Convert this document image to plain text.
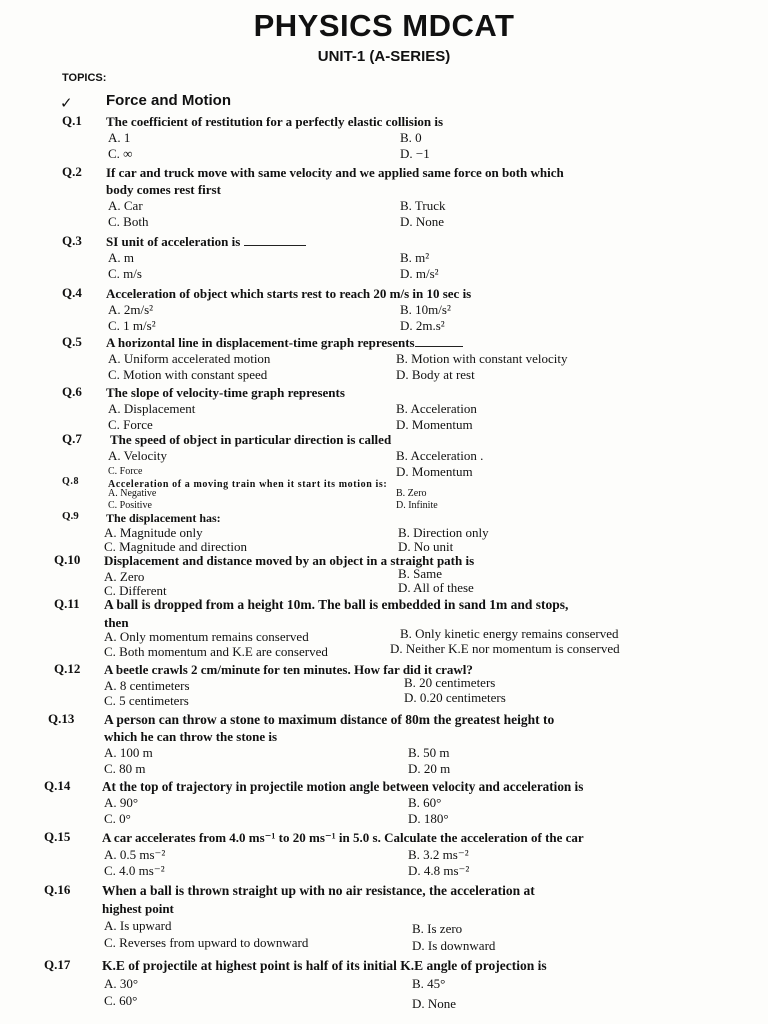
PHYSICS MDCAT
UNIT-1 (A-SERIES)
TOPICS:
✓ Force and Motion
Q.1 The coefficient of restitution for a perfectly elastic collision is
A. 1	B. 0
C. ∞	D. −1
Q.2 If car and truck move with same velocity and we applied same force on both which
body comes rest first
A. Car	B. Truck
C. Both	D. None
Q.3 SI unit of acceleration is
A. m	B. m²
C. m/s	D. m/s²
Q.4 Acceleration of object which starts rest to reach 20 m/s in 10 sec is
A. 2m/s²	B. 10m/s²
C. 1 m/s²	D. 2m.s²
Q.5 A horizontal line in displacement-time graph represents
A. Uniform accelerated motion	B. Motion with constant velocity
C. Motion with constant speed	D. Body at rest
Q.6 The slope of velocity-time graph represents
A. Displacement	B. Acceleration
C. Force	D. Momentum
Q.7 The speed of object in particular direction is called
A. Velocity	B. Acceleration .
C. Force	D. Momentum
Q.8	Acceleration of a moving train when it start its motion is:
A. Negative	B. Zero
C. Positive	D. Infinite
Q.9 The displacement has:
A. Magnitude only	B. Direction only
C. Magnitude and direction	D. No unit
Q.10 Displacement and distance moved by an object in a straight path is
A. Zero	B. Same
C. Different	D. All of these
Q.11 A ball is dropped from a height 10m. The ball is embedded in sand 1m and stops,
then
A. Only momentum remains conserved	B. Only kinetic energy remains conserved
C. Both momentum and K.E are conserved	D. Neither K.E nor momentum is conserved
Q.12 A beetle crawls 2 cm/minute for ten minutes. How far did it crawl?
A. 8 centimeters	B. 20 centimeters
C. 5 centimeters	D. 0.20 centimeters
Q.13 A person can throw a stone to maximum distance of 80m the greatest height to
which he can throw the stone is
A. 100 m	B. 50 m
C. 80 m	D. 20 m
Q.14 At the top of trajectory in projectile motion angle between velocity and acceleration is
A. 90°	B. 60°
C. 0°	D. 180°
Q.15 A car accelerates from 4.0 ms⁻¹ to 20 ms⁻¹ in 5.0 s. Calculate the acceleration of the car
A. 0.5 ms⁻²	B. 3.2 ms⁻²
C. 4.0 ms⁻²	D. 4.8 ms⁻²
Q.16 When a ball is thrown straight up with no air resistance, the acceleration at
highest point
A. Is upward	B. Is zero
C. Reverses from upward to downward	D. Is downward
Q.17 K.E of projectile at highest point is half of its initial K.E angle of projection is
A. 30°	B. 45°
C. 60°	D. None
